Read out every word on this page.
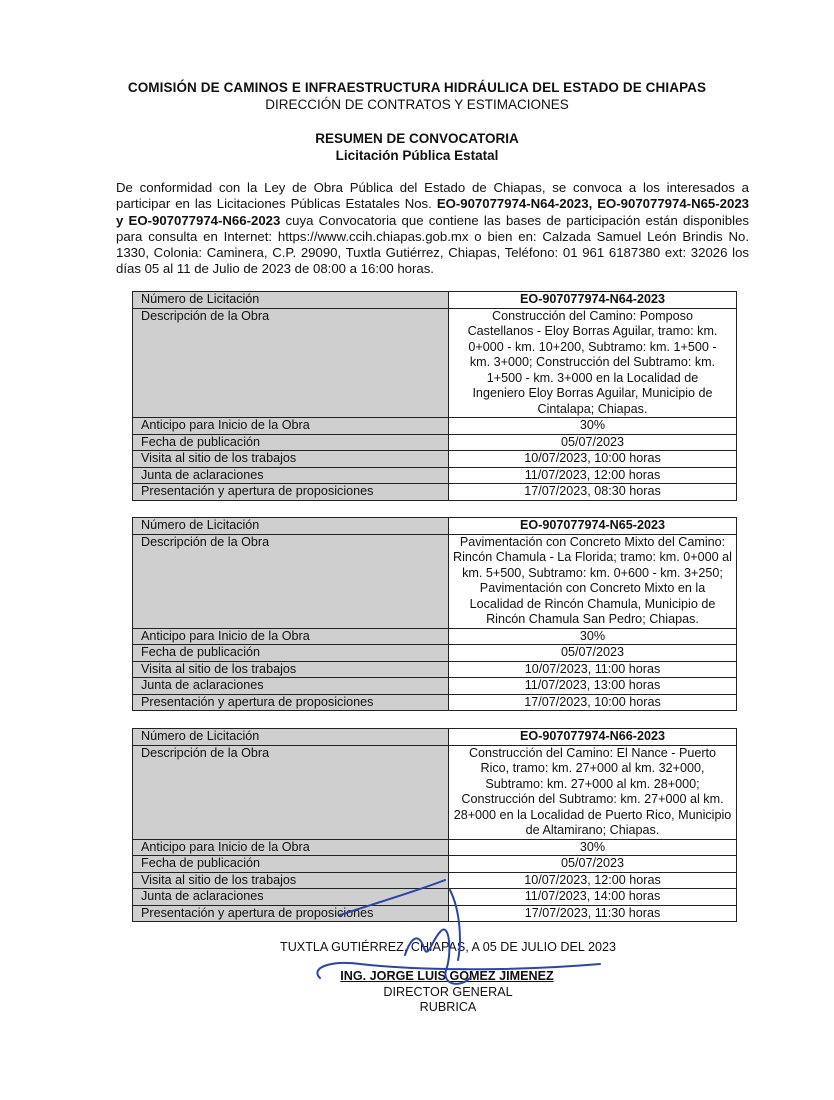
COMISIÓN DE CAMINOS E INFRAESTRUCTURA HIDRÁULICA DEL ESTADO DE CHIAPAS
DIRECCIÓN DE CONTRATOS Y ESTIMACIONES
RESUMEN DE CONVOCATORIA
Licitación Pública Estatal
De conformidad con la Ley de Obra Pública del Estado de Chiapas, se convoca a los interesados a participar en las Licitaciones Públicas Estatales Nos. EO-907077974-N64-2023, EO-907077974-N65-2023 y EO-907077974-N66-2023 cuya Convocatoria que contiene las bases de participación están disponibles para consulta en Internet: https://www.ccih.chiapas.gob.mx o bien en: Calzada Samuel León Brindis No. 1330, Colonia: Caminera, C.P. 29090, Tuxtla Gutiérrez, Chiapas, Teléfono: 01 961 6187380 ext: 32026 los días 05 al 11 de Julio de 2023 de 08:00 a 16:00 horas.
Número de Licitación	EO-907077974-N64-2023
Descripción de la Obra	Construcción del Camino: Pomposo Castellanos - Eloy Borras Aguilar, tramo: km. 0+000 - km. 10+200, Subtramo: km. 1+500 - km. 3+000; Construcción del Subtramo: km. 1+500 - km. 3+000 en la Localidad de Ingeniero Eloy Borras Aguilar, Municipio de Cintalapa; Chiapas.
Anticipo para Inicio de la Obra	30%
Fecha de publicación	05/07/2023
Visita al sitio de los trabajos	10/07/2023, 10:00 horas
Junta de aclaraciones	11/07/2023, 12:00 horas
Presentación y apertura de proposiciones	17/07/2023, 08:30 horas
Número de Licitación	EO-907077974-N65-2023
Descripción de la Obra	Pavimentación con Concreto Mixto del Camino: Rincón Chamula - La Florida; tramo: km. 0+000 al km. 5+500, Subtramo: km. 0+600 - km. 3+250; Pavimentación con Concreto Mixto en la Localidad de Rincón Chamula, Municipio de Rincón Chamula San Pedro; Chiapas.
Anticipo para Inicio de la Obra	30%
Fecha de publicación	05/07/2023
Visita al sitio de los trabajos	10/07/2023, 11:00 horas
Junta de aclaraciones	11/07/2023, 13:00 horas
Presentación y apertura de proposiciones	17/07/2023, 10:00 horas
Número de Licitación	EO-907077974-N66-2023
Descripción de la Obra	Construcción del Camino: El Nance - Puerto Rico, tramo: km. 27+000 al km. 32+000, Subtramo: km. 27+000 al km. 28+000; Construcción del Subtramo: km. 27+000 al km. 28+000 en la Localidad de Puerto Rico, Municipio de Altamirano; Chiapas.
Anticipo para Inicio de la Obra	30%
Fecha de publicación	05/07/2023
Visita al sitio de los trabajos	10/07/2023, 12:00 horas
Junta de aclaraciones	11/07/2023, 14:00 horas
Presentación y apertura de proposiciones	17/07/2023, 11:30 horas
TUXTLA GUTIÉRREZ, CHIAPAS, A 05 DE JULIO DEL 2023
ING. JORGE LUIS GÓMEZ JIMENEZ
DIRECTOR GENERAL
RUBRICA
